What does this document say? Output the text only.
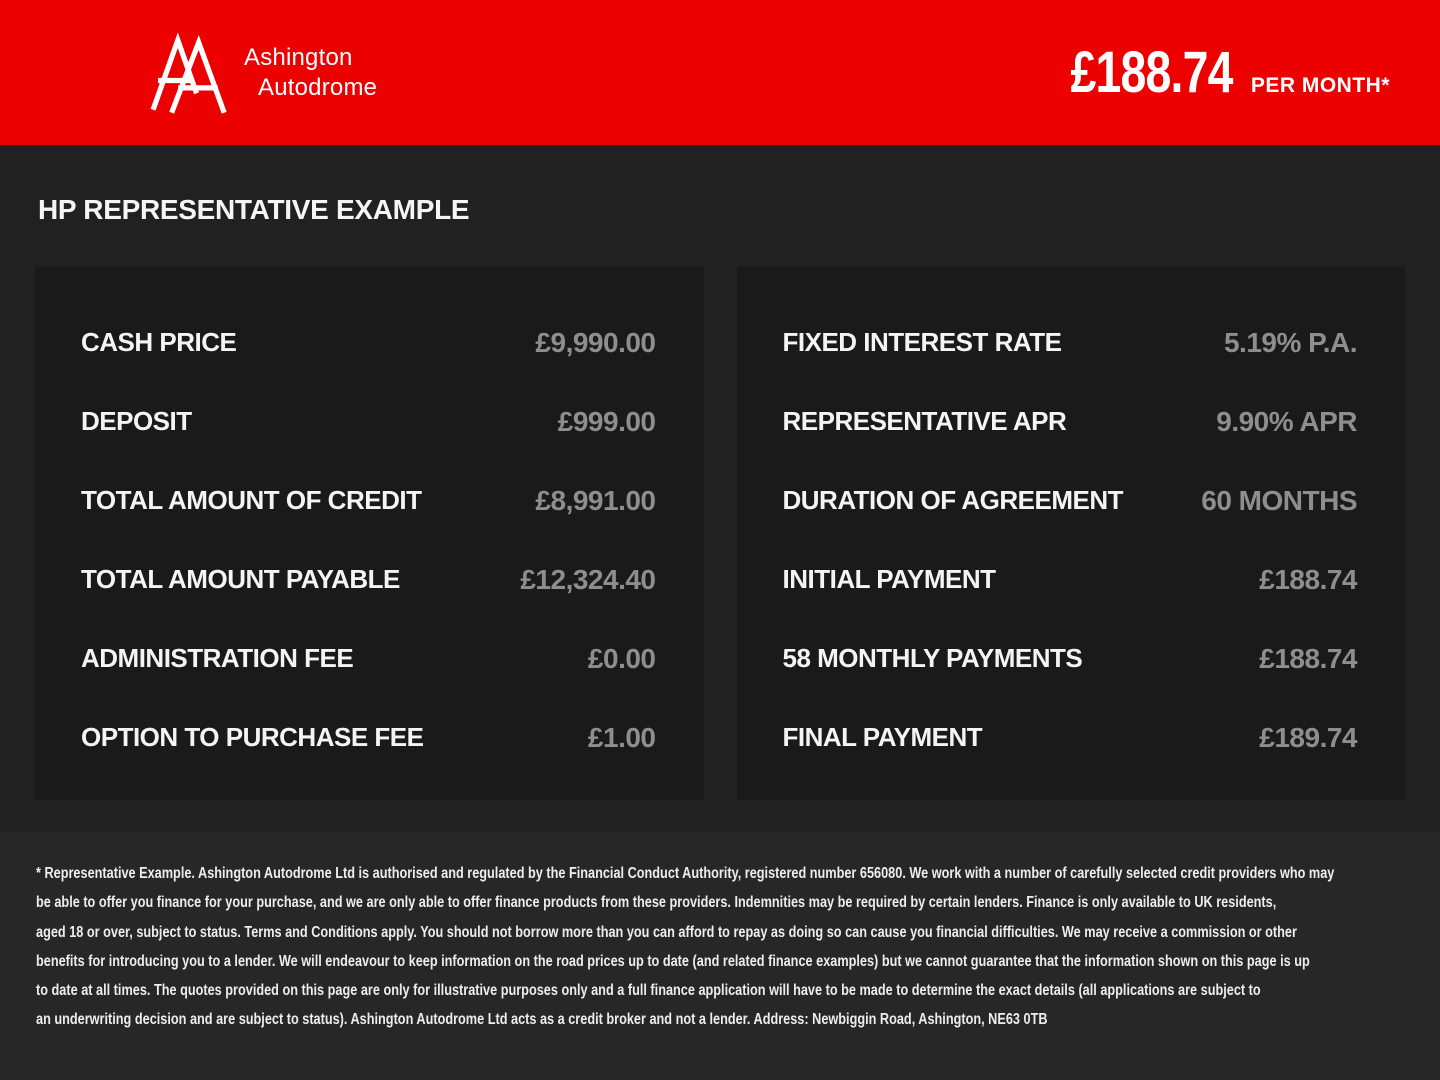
Ashington
Autodrome	£188.74 PER MONTH*
HP REPRESENTATIVE EXAMPLE
CASH PRICE	£9,990.00
DEPOSIT	£999.00
TOTAL AMOUNT OF CREDIT	£8,991.00
TOTAL AMOUNT PAYABLE	£12,324.40
ADMINISTRATION FEE	£0.00
OPTION TO PURCHASE FEE	£1.00
FIXED INTEREST RATE	5.19% P.A.
REPRESENTATIVE APR	9.90% APR
DURATION OF AGREEMENT	60 MONTHS
INITIAL PAYMENT	£188.74
58 MONTHLY PAYMENTS	£188.74
FINAL PAYMENT	£189.74
* Representative Example. Ashington Autodrome Ltd is authorised and regulated by the Financial Conduct Authority, registered number 656080. We work with a number of carefully selected credit providers who may
be able to offer you finance for your purchase, and we are only able to offer finance products from these providers. Indemnities may be required by certain lenders. Finance is only available to UK residents,
aged 18 or over, subject to status. Terms and Conditions apply. You should not borrow more than you can afford to repay as doing so can cause you financial difficulties. We may receive a commission or other
benefits for introducing you to a lender. We will endeavour to keep information on the road prices up to date (and related finance examples) but we cannot guarantee that the information shown on this page is up
to date at all times. The quotes provided on this page are only for illustrative purposes only and a full finance application will have to be made to determine the exact details (all applications are subject to
an underwriting decision and are subject to status). Ashington Autodrome Ltd acts as a credit broker and not a lender. Address: Newbiggin Road, Ashington, NE63 0TB
